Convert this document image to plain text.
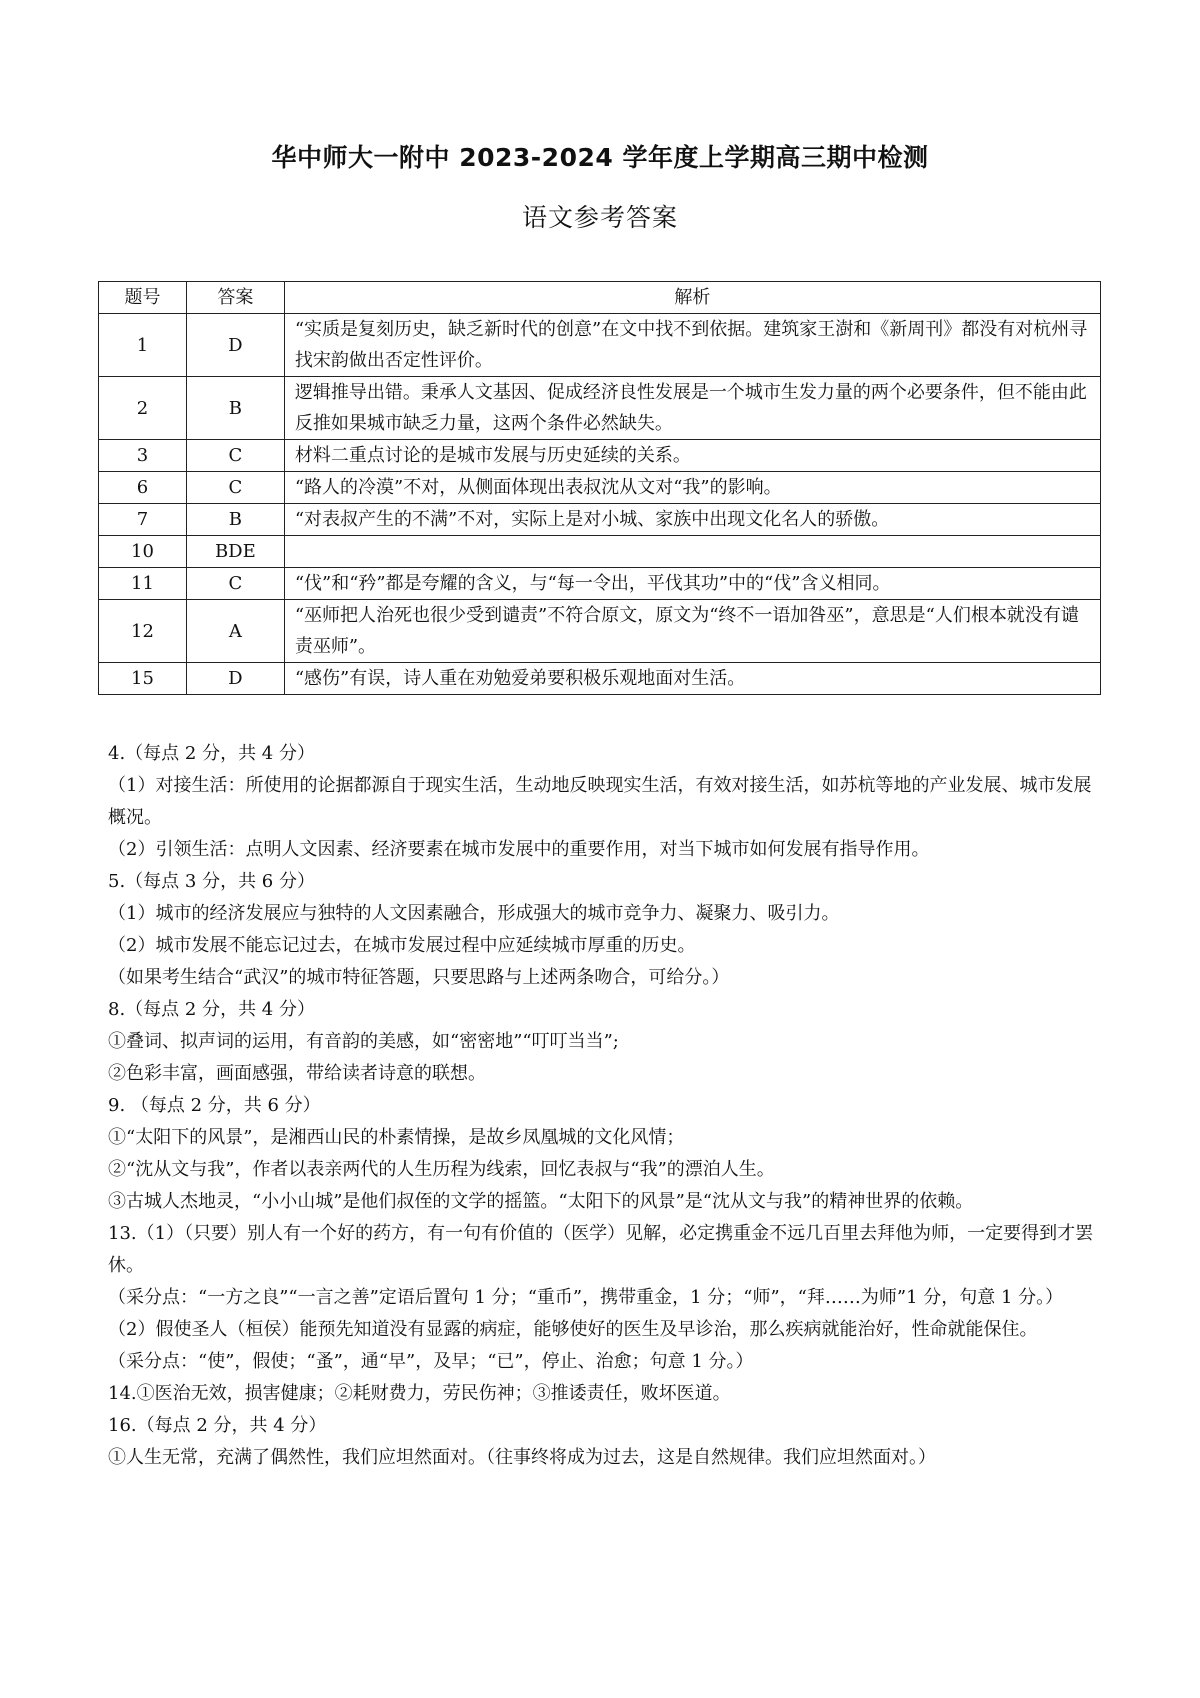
华中师大一附中 2023-2024 学年度上学期高三期中检测
语文参考答案
题号	答案	解析
1	D	“实质是复刻历史，缺乏新时代的创意”在文中找不到依据。建筑家王澍和《新周刊》都没有对杭州寻找宋韵做出否定性评价。
2	B	逻辑推导出错。秉承人文基因、促成经济良性发展是一个城市生发力量的两个必要条件，但不能由此反推如果城市缺乏力量，这两个条件必然缺失。
3	C	材料二重点讨论的是城市发展与历史延续的关系。
6	C	“路人的冷漠”不对，从侧面体现出表叔沈从文对“我”的影响。
7	B	“对表叔产生的不满”不对，实际上是对小城、家族中出现文化名人的骄傲。
10	BDE	
11	C	“伐”和“矜”都是夸耀的含义，与“每一令出，平伐其功”中的“伐”含义相同。
12	A	“巫师把人治死也很少受到谴责”不符合原文，原文为“终不一语加咎巫”，意思是“人们根本就没有谴责巫师”。
15	D	“感伤”有误，诗人重在劝勉爱弟要积极乐观地面对生活。

4.（每点 2 分，共 4 分）

（1）对接生活：所使用的论据都源自于现实生活，生动地反映现实生活，有效对接生活，如苏杭等地的产业发展、城市发展概况。

（2）引领生活：点明人文因素、经济要素在城市发展中的重要作用，对当下城市如何发展有指导作用。

5.（每点 3 分，共 6 分）

（1）城市的经济发展应与独特的人文因素融合，形成强大的城市竞争力、凝聚力、吸引力。

（2）城市发展不能忘记过去，在城市发展过程中应延续城市厚重的历史。

（如果考生结合“武汉”的城市特征答题，只要思路与上述两条吻合，可给分。）

8.（每点 2 分，共 4 分）

①叠词、拟声词的运用，有音韵的美感，如“密密地”“叮叮当当”;

②色彩丰富，画面感强，带给读者诗意的联想。

9. （每点 2 分，共 6 分）

①“太阳下的风景”，是湘西山民的朴素情操，是故乡凤凰城的文化风情；

②“沈从文与我”，作者以表亲两代的人生历程为线索，回忆表叔与“我”的漂泊人生。

③古城人杰地灵，“小小山城”是他们叔侄的文学的摇篮。“太阳下的风景”是“沈从文与我”的精神世界的依赖。

13.（1）（只要）别人有一个好的药方，有一句有价值的（医学）见解，必定携重金不远几百里去拜他为师，一定要得到才罢休。

（采分点：“一方之良”“一言之善”定语后置句 1 分；“重币”，携带重金，1 分；“师”，“拜……为师”1 分，句意 1 分。）

（2）假使圣人（桓侯）能预先知道没有显露的病症，能够使好的医生及早诊治，那么疾病就能治好，性命就能保住。

（采分点：“使”，假使；“蚤”，通“早”，及早；“已”，停止、治愈；句意 1 分。）

14.①医治无效，损害健康；②耗财费力，劳民伤神；③推诿责任，败坏医道。

16.（每点 2 分，共 4 分）

①人生无常，充满了偶然性，我们应坦然面对。（往事终将成为过去，这是自然规律。我们应坦然面对。）
